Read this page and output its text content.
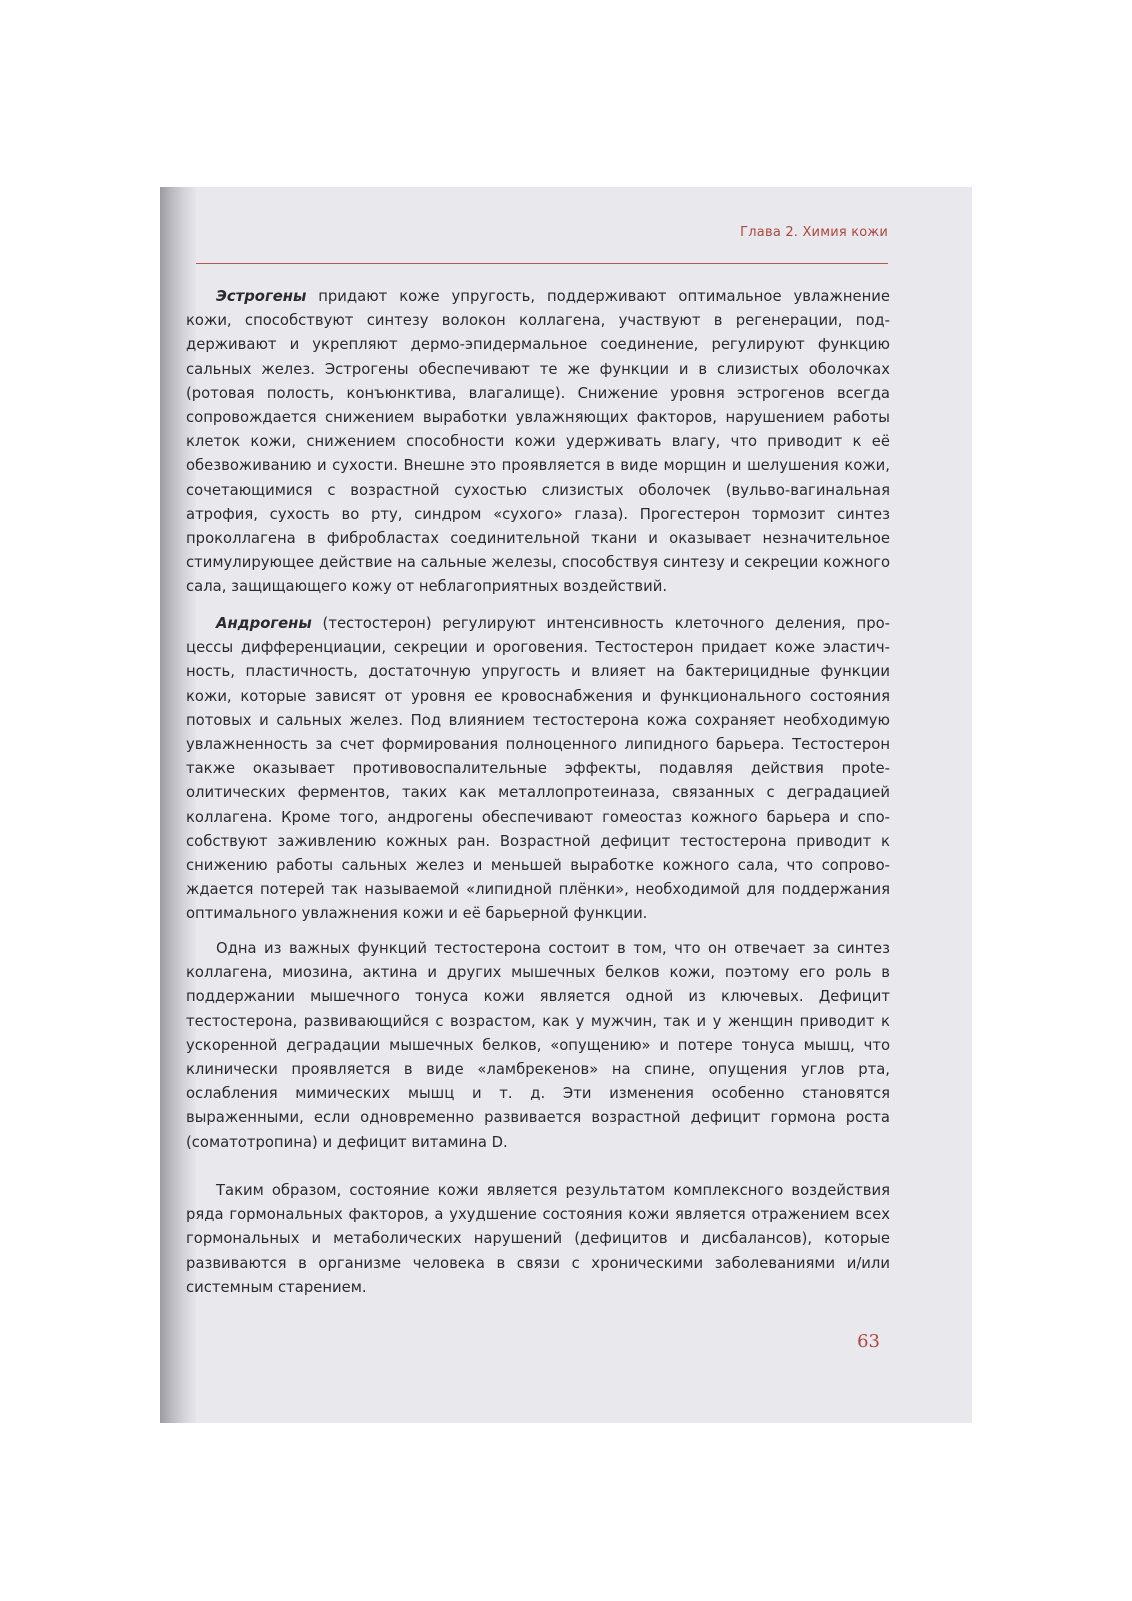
Глава 2. Химия кожи

Эстрогены придают коже упругость, поддерживают оптимальное увлажнение кожи, способствуют синтезу волокон коллагена, участвуют в регенерации, поддерживают и укрепляют дермо-эпидермальное соединение, регулируют функцию сальных желез. Эстрогены обеспечивают те же функции и в слизистых оболочках (ротовая полость, конъюнктива, влагалище). Снижение уровня эстрогенов всегда сопровождается снижением выработки увлажняющих факторов, нарушением работы клеток кожи, снижением способности кожи удерживать влагу, что приводит к её обезвоживанию и сухости. Внешне это проявляется в виде морщин и шелушения кожи, сочетающимися с возрастной сухостью слизистых оболочек (вульво-вагинальная атрофия, сухость во рту, синдром «сухого» глаза). Прогестерон тормозит синтез проколлагена в фибробластах соединительной ткани и оказывает незначительное стимулирующее действие на сальные железы, способствуя синтезу и секреции кожного сала, защищающего кожу от неблагоприятных воздействий.

Андрогены (тестостерон) регулируют интенсивность клеточного деления, процессы дифференциации, секреции и ороговения. Тестостерон придает коже эластичность, пластичность, достаточную упругость и влияет на бактерицидные функции кожи, которые зависят от уровня ее кровоснабжения и функционального состояния потовых и сальных желез. Под влиянием тестостерона кожа сохраняет необходимую увлажненность за счет формирования полноценного липидного барьера. Тестостерон также оказывает противовоспалительные эффекты, подавляя действия прoteолитических ферментов, таких как металлопротеиназа, связанных с деградацией коллагена. Кроме того, андрогены обеспечивают гомеостаз кожного барьера и способствуют заживлению кожных ран. Возрастной дефицит тестостерона приводит к снижению работы сальных желез и меньшей выработке кожного сала, что сопровождается потерей так называемой «липидной плёнки», необходимой для поддержания оптимального увлажнения кожи и её барьерной функции.

Одна из важных функций тестостерона состоит в том, что он отвечает за синтез коллагена, миозина, актина и других мышечных белков кожи, поэтому его роль в поддержании мышечного тонуса кожи является одной из ключевых. Дефицит тестостерона, развивающийся с возрастом, как у мужчин, так и у женщин приводит к ускоренной деградации мышечных белков, «опущению» и потере тонуса мышц, что клинически проявляется в виде «ламбрекенов» на спине, опущения углов рта, ослабления мимических мышц и т. д. Эти изменения особенно становятся выраженными, если одновременно развивается возрастной дефицит гормона роста (соматотропина) и дефицит витамина D.

Таким образом, состояние кожи является результатом комплексного воздействия ряда гормональных факторов, а ухудшение состояния кожи является отражением всех гормональных и метаболических нарушений (дефицитов и дисбалансов), которые развиваются в организме человека в связи с хроническими заболеваниями и/или системным старением.

63
